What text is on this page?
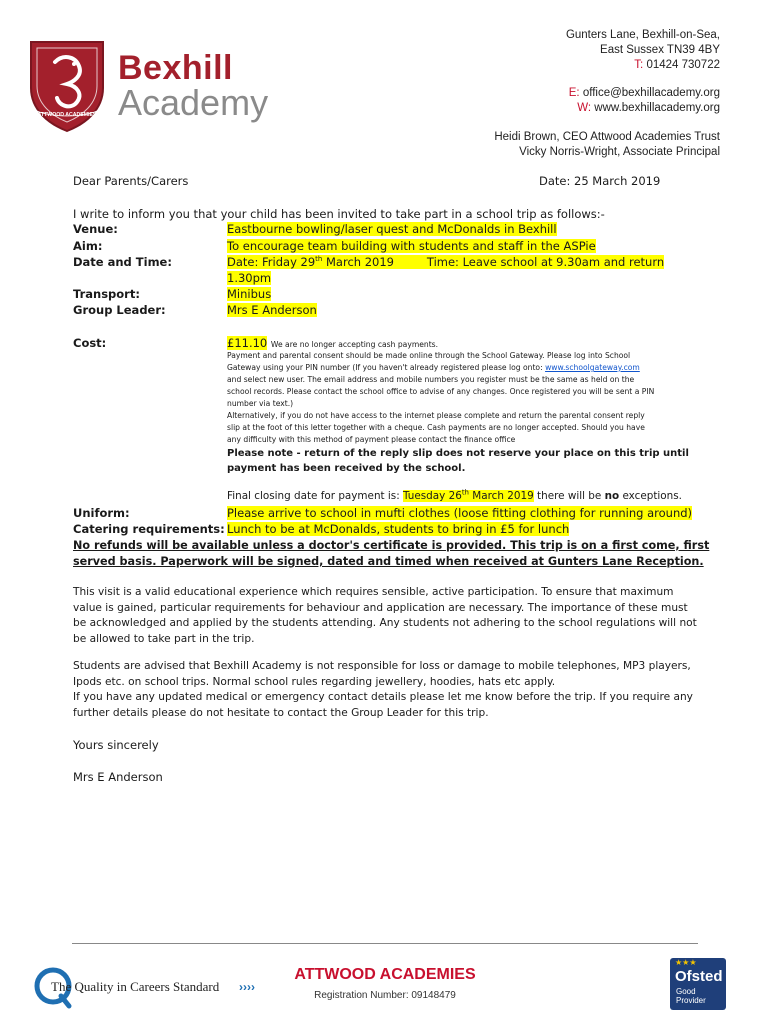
ATTWOOD ACADEMIES
Bexhill
Academy
Gunters Lane, Bexhill-on-Sea,
East Sussex TN39 4BY
T: 01424 730722
E: office@bexhillacademy.org
W: www.bexhillacademy.org
Heidi Brown, CEO Attwood Academies Trust
Vicky Norris-Wright, Associate Principal
Dear Parents/Carers	Date: 25 March 2019
I write to inform you that your child has been invited to take part in a school trip as follows:-
Venue:	Eastbourne bowling/laser quest and McDonalds in Bexhill
Aim:	To encourage team building with students and staff in the ASPie
Date and Time:	Date: Friday 29th March 2019	Time: Leave school at 9.30am and return
1.30pm
Transport:	Minibus
Group Leader:	Mrs E Anderson
Cost:	£11.10 We are no longer accepting cash payments.
Payment and parental consent should be made online through the School Gateway. Please log into School
Gateway using your PIN number (If you haven't already registered please log onto: www.schoolgateway.com
and select new user. The email address and mobile numbers you register must be the same as held on the
school records. Please contact the school office to advise of any changes. Once registered you will be sent a PIN
number via text.)
Alternatively, if you do not have access to the internet please complete and return the parental consent reply
slip at the foot of this letter together with a cheque. Cash payments are no longer accepted. Should you have
any difficulty with this method of payment please contact the finance office
Please note - return of the reply slip does not reserve your place on this trip until
payment has been received by the school.
Final closing date for payment is: Tuesday 26th March 2019 there will be no exceptions.
Uniform:	Please arrive to school in mufti clothes (loose fitting clothing for running around)
Catering requirements: Lunch to be at McDonalds, students to bring in £5 for lunch
No refunds will be available unless a doctor's certificate is provided. This trip is on a first come, first
served basis. Paperwork will be signed, dated and timed when received at Gunters Lane Reception.
This visit is a valid educational experience which requires sensible, active participation. To ensure that maximum value is gained, particular requirements for behaviour and application are necessary. The importance of these must be acknowledged and applied by the students attending. Any students not adhering to the school regulations will not be allowed to take part in the trip.
Students are advised that Bexhill Academy is not responsible for loss or damage to mobile telephones, MP3 players, Ipods etc. on school trips. Normal school rules regarding jewellery, hoodies, hats etc apply.
If you have any updated medical or emergency contact details please let me know before the trip. If you require any further details please do not hesitate to contact the Group Leader for this trip.
Yours sincerely
Mrs E Anderson
The Quality in Careers Standard ››››
ATTWOOD ACADEMIES
Registration Number: 09148479
★★★
Ofsted
Good
Provider
